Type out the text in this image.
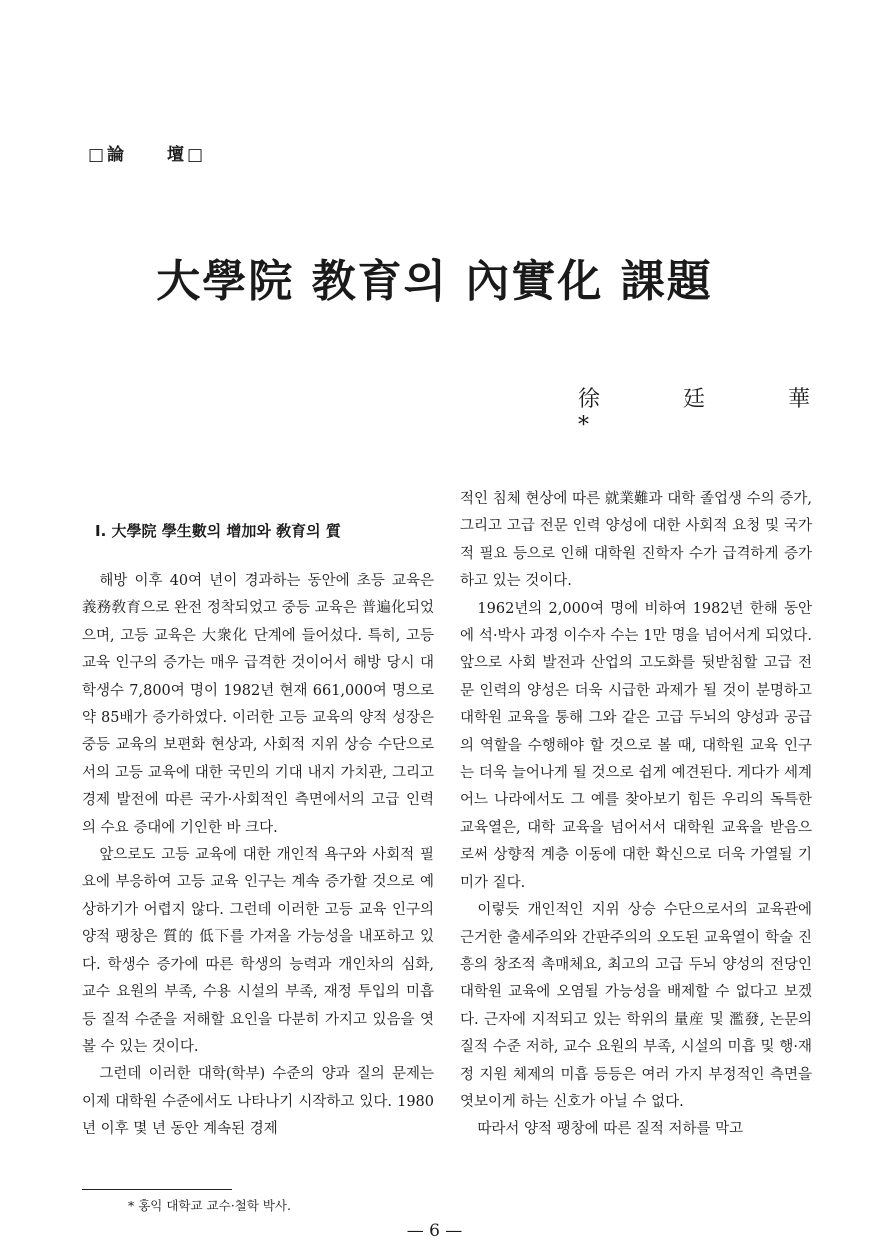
□論　　壇□
大學院 教育의 內實化 課題
徐 廷 華*
I. 大學院 學生數의 增加와 敎育의 質

해방 이후 40여 년이 경과하는 동안에 초등 교육은 義務敎育으로 완전 정착되었고 중등 교육은 普遍化되었으며, 고등 교육은 大衆化 단계에 들어섰다. 특히, 고등 교육 인구의 증가는 매우 급격한 것이어서 해방 당시 대학생수 7,800여 명이 1982년 현재 661,000여 명으로 약 85배가 증가하였다. 이러한 고등 교육의 양적 성장은 중등 교육의 보편화 현상과, 사회적 지위 상승 수단으로서의 고등 교육에 대한 국민의 기대 내지 가치관, 그리고 경제 발전에 따른 국가·사회적인 측면에서의 고급 인력의 수요 증대에 기인한 바 크다.

앞으로도 고등 교육에 대한 개인적 욕구와 사회적 필요에 부응하여 고등 교육 인구는 계속 증가할 것으로 예상하기가 어렵지 않다. 그런데 이러한 고등 교육 인구의 양적 팽창은 質的 低下를 가져올 가능성을 내포하고 있다. 학생수 증가에 따른 학생의 능력과 개인차의 심화, 교수 요원의 부족, 수용 시설의 부족, 재정 투입의 미흡 등 질적 수준을 저해할 요인을 다분히 가지고 있음을 엿볼 수 있는 것이다.

그런데 이러한 대학(학부) 수준의 양과 질의 문제는 이제 대학원 수준에서도 나타나기 시작하고 있다. 1980년 이후 몇 년 동안 계속된 경제

적인 침체 현상에 따른 就業難과 대학 졸업생 수의 증가, 그리고 고급 전문 인력 양성에 대한 사회적 요청 및 국가적 필요 등으로 인해 대학원 진학자 수가 급격하게 증가하고 있는 것이다.

1962년의 2,000여 명에 비하여 1982년 한해 동안에 석·박사 과정 이수자 수는 1만 명을 넘어서게 되었다. 앞으로 사회 발전과 산업의 고도화를 뒷받침할 고급 전문 인력의 양성은 더욱 시급한 과제가 될 것이 분명하고 대학원 교육을 통해 그와 같은 고급 두뇌의 양성과 공급의 역할을 수행해야 할 것으로 볼 때, 대학원 교육 인구는 더욱 늘어나게 될 것으로 쉽게 예견된다. 게다가 세계 어느 나라에서도 그 예를 찾아보기 힘든 우리의 독특한 교육열은, 대학 교육을 넘어서서 대학원 교육을 받음으로써 상향적 계층 이동에 대한 확신으로 더욱 가열될 기미가 짙다.

이렇듯 개인적인 지위 상승 수단으로서의 교육관에 근거한 출세주의와 간판주의의 오도된 교육열이 학술 진흥의 창조적 촉매체요, 최고의 고급 두뇌 양성의 전당인 대학원 교육에 오염될 가능성을 배제할 수 없다고 보겠다. 근자에 지적되고 있는 학위의 量産 및 濫發, 논문의 질적 수준 저하, 교수 요원의 부족, 시설의 미흡 및 행·재정 지원 체제의 미흡 등등은 여러 가지 부정적인 측면을 엿보이게 하는 신호가 아닐 수 없다.

따라서 양적 팽창에 따른 질적 저하를 막고

* 홍익 대학교 교수·철학 박사.
— 6 —
